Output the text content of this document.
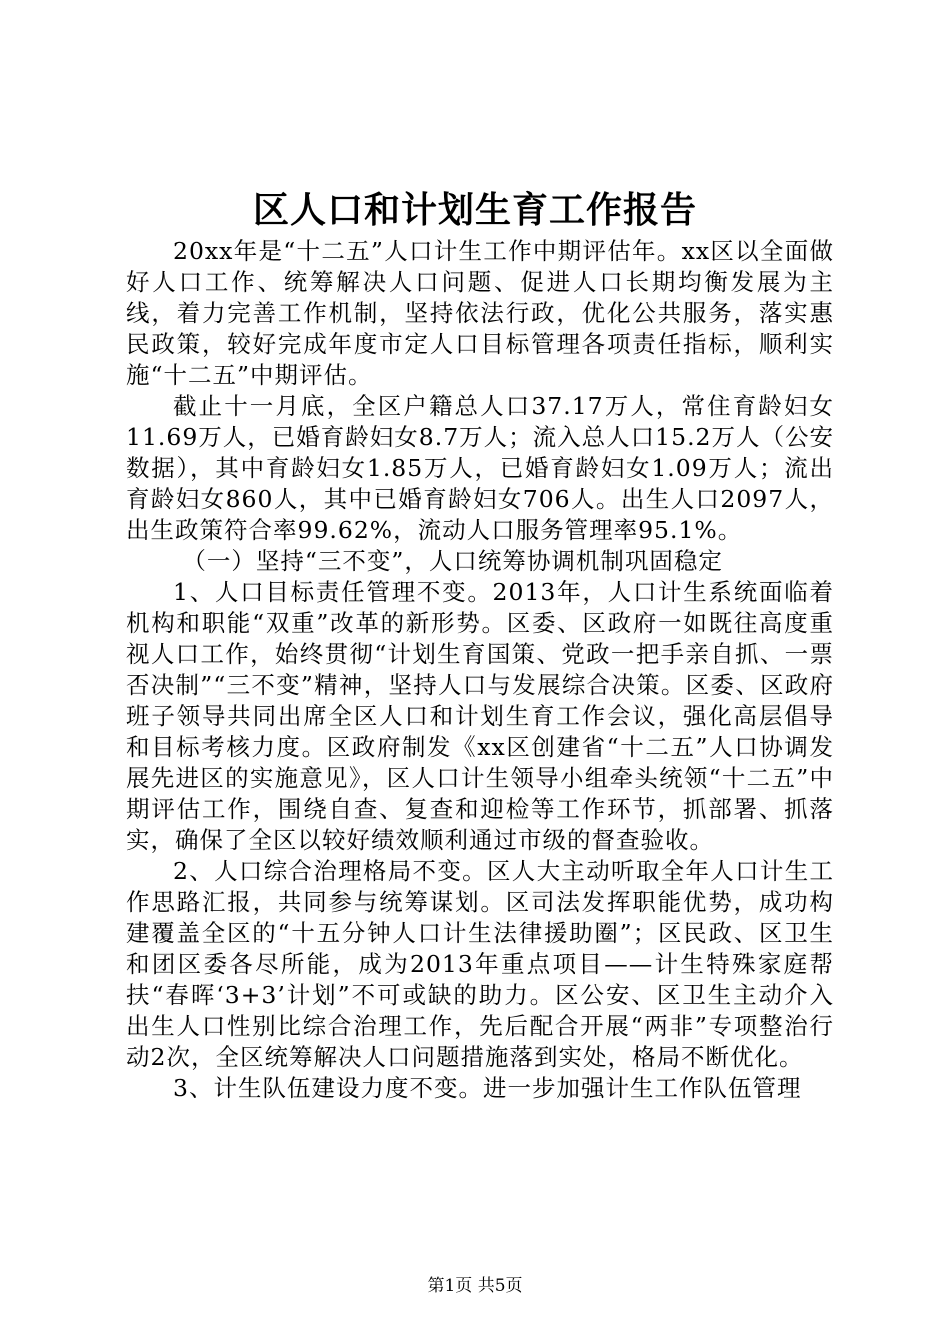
区人口和计划生育工作报告

20xx年是“十二五”人口计生工作中期评估年。xx区以全面做好人口工作、统筹解决人口问题、促进人口长期均衡发展为主线，着力完善工作机制，坚持依法行政，优化公共服务，落实惠民政策，较好完成年度市定人口目标管理各项责任指标，顺利实施“十二五”中期评估。

截止十一月底，全区户籍总人口37.17万人，常住育龄妇女11.69万人，已婚育龄妇女8.7万人；流入总人口15.2万人（公安数据），其中育龄妇女1.85万人，已婚育龄妇女1.09万人；流出育龄妇女860人，其中已婚育龄妇女706人。出生人口2097人，出生政策符合率99.62%，流动人口服务管理率95.1%。

（一）坚持“三不变”，人口统筹协调机制巩固稳定

1、人口目标责任管理不变。2013年，人口计生系统面临着机构和职能“双重”改革的新形势。区委、区政府一如既往高度重视人口工作，始终贯彻“计划生育国策、党政一把手亲自抓、一票否决制”“三不变”精神，坚持人口与发展综合决策。区委、区政府班子领导共同出席全区人口和计划生育工作会议，强化高层倡导和目标考核力度。区政府制发《xx区创建省“十二五”人口协调发展先进区的实施意见》，区人口计生领导小组牵头统领“十二五”中期评估工作，围绕自查、复查和迎检等工作环节，抓部署、抓落实，确保了全区以较好绩效顺利通过市级的督查验收。

2、人口综合治理格局不变。区人大主动听取全年人口计生工作思路汇报，共同参与统筹谋划。区司法发挥职能优势，成功构建覆盖全区的“十五分钟人口计生法律援助圈”；区民政、区卫生和团区委各尽所能，成为2013年重点项目——计生特殊家庭帮扶“春晖‘3+3’计划”不可或缺的助力。区公安、区卫生主动介入出生人口性别比综合治理工作，先后配合开展“两非”专项整治行动2次，全区统筹解决人口问题措施落到实处，格局不断优化。

3、计生队伍建设力度不变。进一步加强计生工作队伍管理

第1页 共5页
